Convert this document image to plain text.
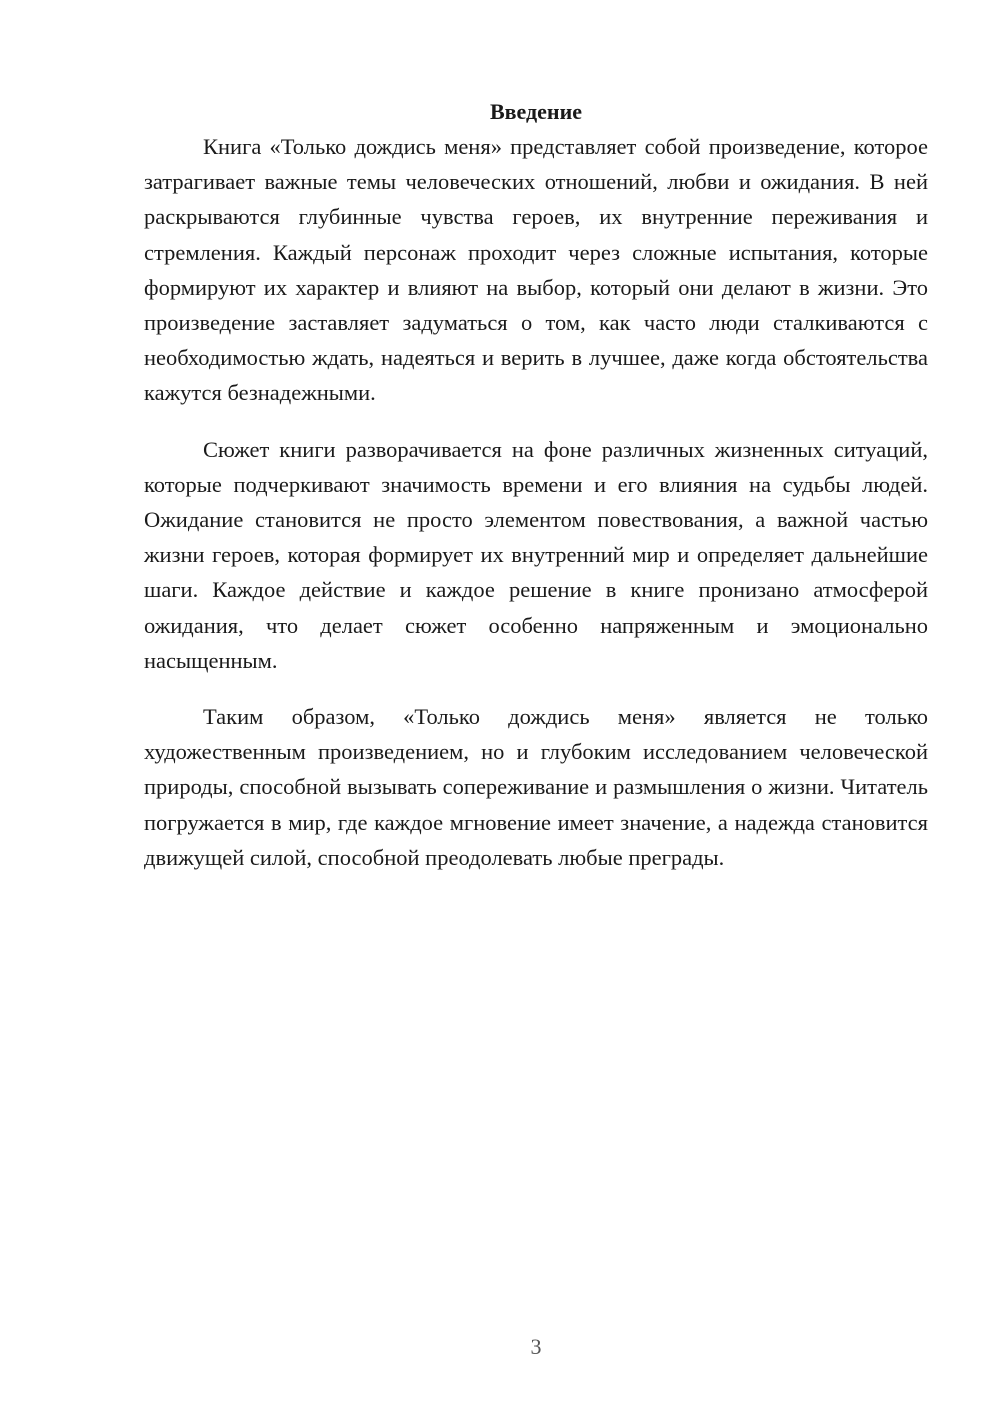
Введение

Книга «Только дождись меня» представляет собой произведение, которое затрагивает важные темы человеческих отношений, любви и ожидания. В ней раскрываются глубинные чувства героев, их внутренние переживания и стремления. Каждый персонаж проходит через сложные испытания, которые формируют их характер и влияют на выбор, который они делают в жизни. Это произведение заставляет задуматься о том, как часто люди сталкиваются с необходимостью ждать, надеяться и верить в лучшее, даже когда обстоятельства кажутся безнадежными.

Сюжет книги разворачивается на фоне различных жизненных ситуаций, которые подчеркивают значимость времени и его влияния на судьбы людей. Ожидание становится не просто элементом повествования, а важной частью жизни героев, которая формирует их внутренний мир и определяет дальнейшие шаги. Каждое действие и каждое решение в книге пронизано атмосферой ожидания, что делает сюжет особенно напряженным и эмоционально насыщенным.

Таким образом, «Только дождись меня» является не только художественным произведением, но и глубоким исследованием человеческой природы, способной вызывать сопереживание и размышления о жизни. Читатель погружается в мир, где каждое мгновение имеет значение, а надежда становится движущей силой, способной преодолевать любые преграды.

3
